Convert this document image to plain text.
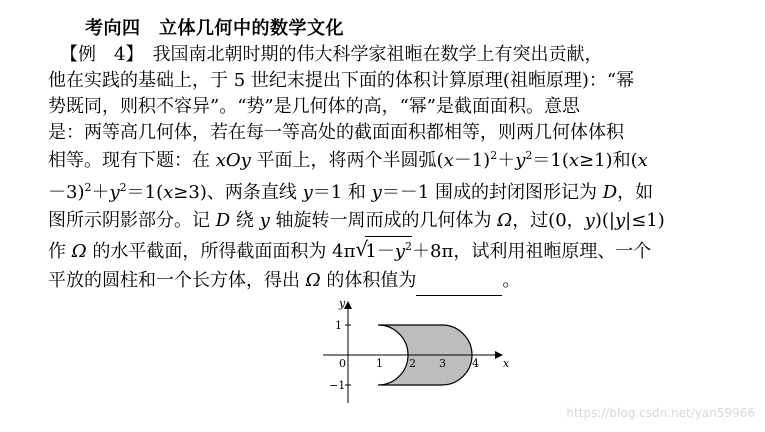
考向四　立体几何中的数学文化
【例　4】　我国南北朝时期的伟大科学家祖暅在数学上有突出贡献，
他在实践的基础上，于 5 世纪末提出下面的体积计算原理(祖暅原理)：“幂
势既同，则积不容异”。“势”是几何体的高，“幂”是截面面积。意思
是：两等高几何体，若在每一等高处的截面面积都相等，则两几何体体积
相等。现有下题：在 xOy 平面上，将两个半圆弧$(x-1)^2+y^2=1(x\ge 1)$和(x
$-3)^2+y^2=1(x\ge 3)$、两条直线 y＝1 和 y＝－1 围成的封闭图形记为 D，如
图所示阴影部分。记 D 绕 y 轴旋转一周而成的几何体为 Ω，过(0，y)(|y|≤1)
作 Ω 的水平截面，所得截面面积为 4π √
$1-y^2+8\pi$，试利用祖暅原理、一个
平放的圆柱和一个长方体，得出 Ω 的体积值为	。
x
y
0	1 2 3 4
1
−1
https://blog.csdn.net/yan59966
